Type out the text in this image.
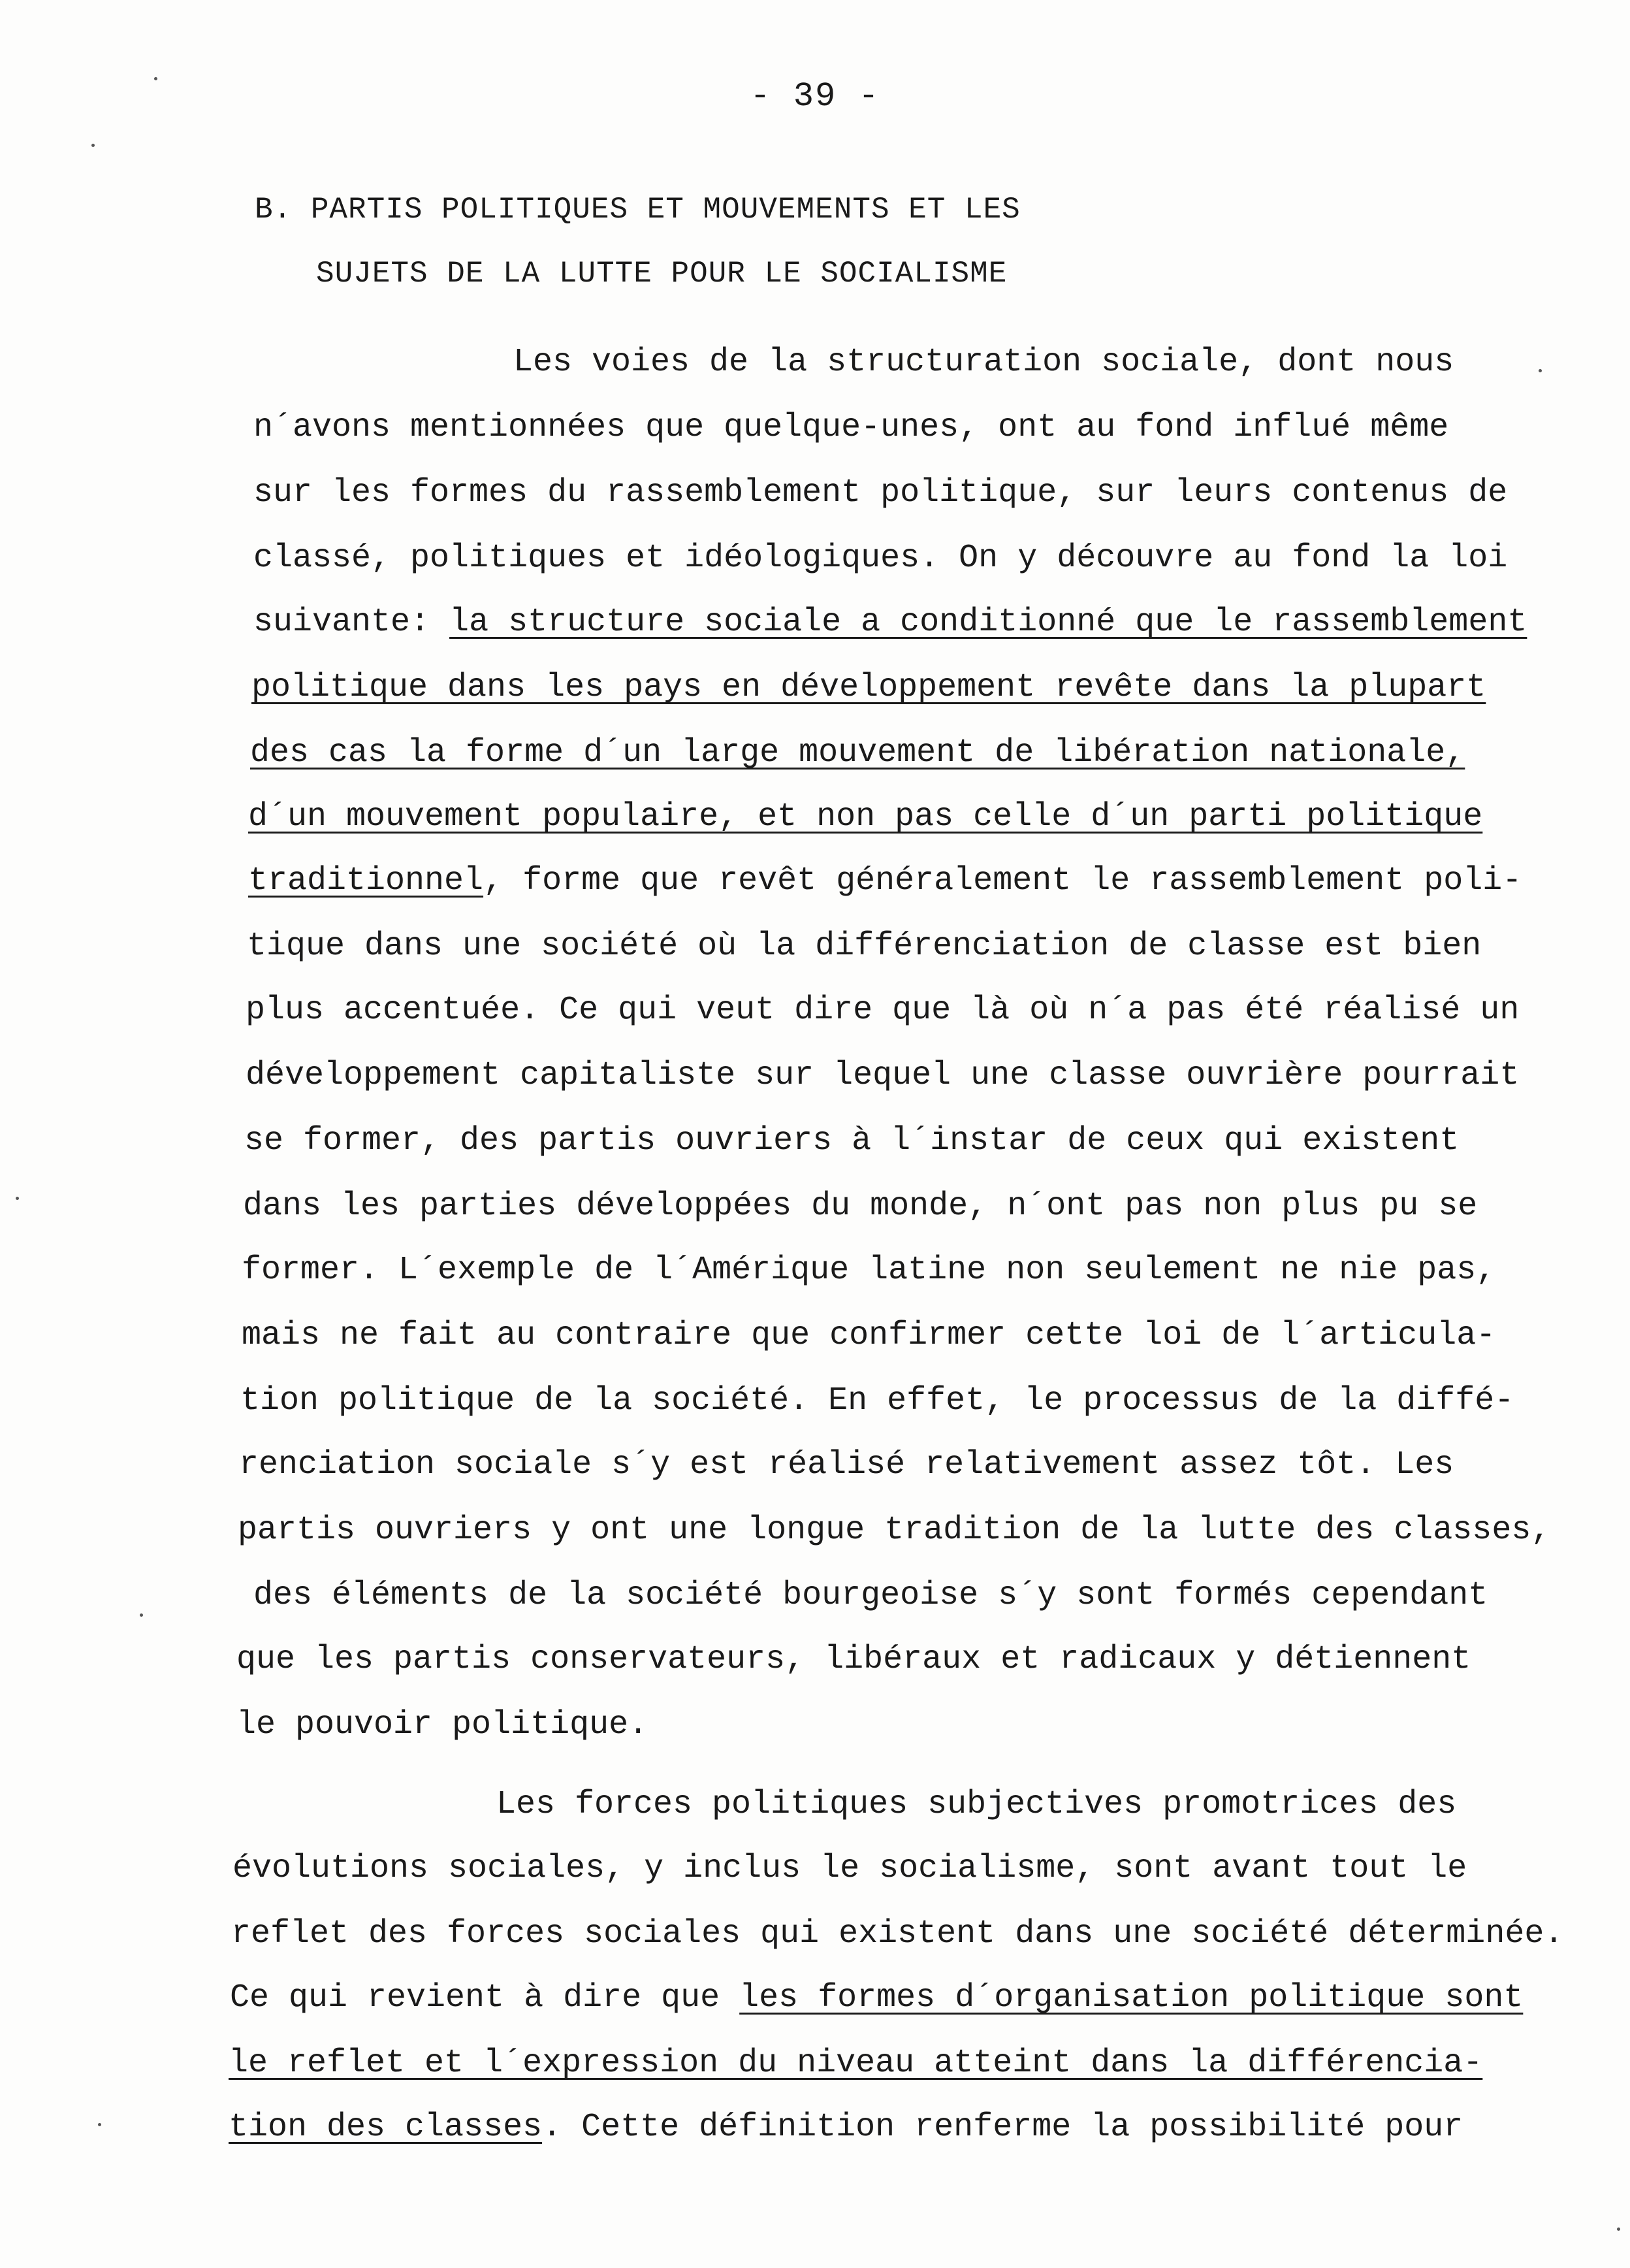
- 39 -
B. PARTIS POLITIQUES ET MOUVEMENTS ET LES
SUJETS DE LA LUTTE POUR LE SOCIALISME
Les voies de la structuration sociale, dont nous
n´avons mentionnées que quelque-unes, ont au fond influé même
sur les formes du rassemblement politique, sur leurs contenus de
classé, politiques et idéologiques. On y découvre au fond la loi
suivante: la structure sociale a conditionné que le rassemblement
politique dans les pays en développement revête dans la plupart
des cas la forme d´un large mouvement de libération nationale,
d´un mouvement populaire, et non pas celle d´un parti politique
traditionnel, forme que revêt généralement le rassemblement poli-
tique dans une société où la différenciation de classe est bien
plus accentuée. Ce qui veut dire que là où n´a pas été réalisé un
développement capitaliste sur lequel une classe ouvrière pourrait
se former, des partis ouvriers à l´instar de ceux qui existent
dans les parties développées du monde, n´ont pas non plus pu se
former. L´exemple de l´Amérique latine non seulement ne nie pas,
mais ne fait au contraire que confirmer cette loi de l´articula-
tion politique de la société. En effet, le processus de la diffé-
renciation sociale s´y est réalisé relativement assez tôt. Les
partis ouvriers y ont une longue tradition de la lutte des classes,
des éléments de la société bourgeoise s´y sont formés cependant
que les partis conservateurs, libéraux et radicaux y détiennent
le pouvoir politique.
Les forces politiques subjectives promotrices des
évolutions sociales, y inclus le socialisme, sont avant tout le
reflet des forces sociales qui existent dans une société déterminée.
Ce qui revient à dire que les formes d´organisation politique sont
le reflet et l´expression du niveau atteint dans la différencia-
tion des classes. Cette définition renferme la possibilité pour
